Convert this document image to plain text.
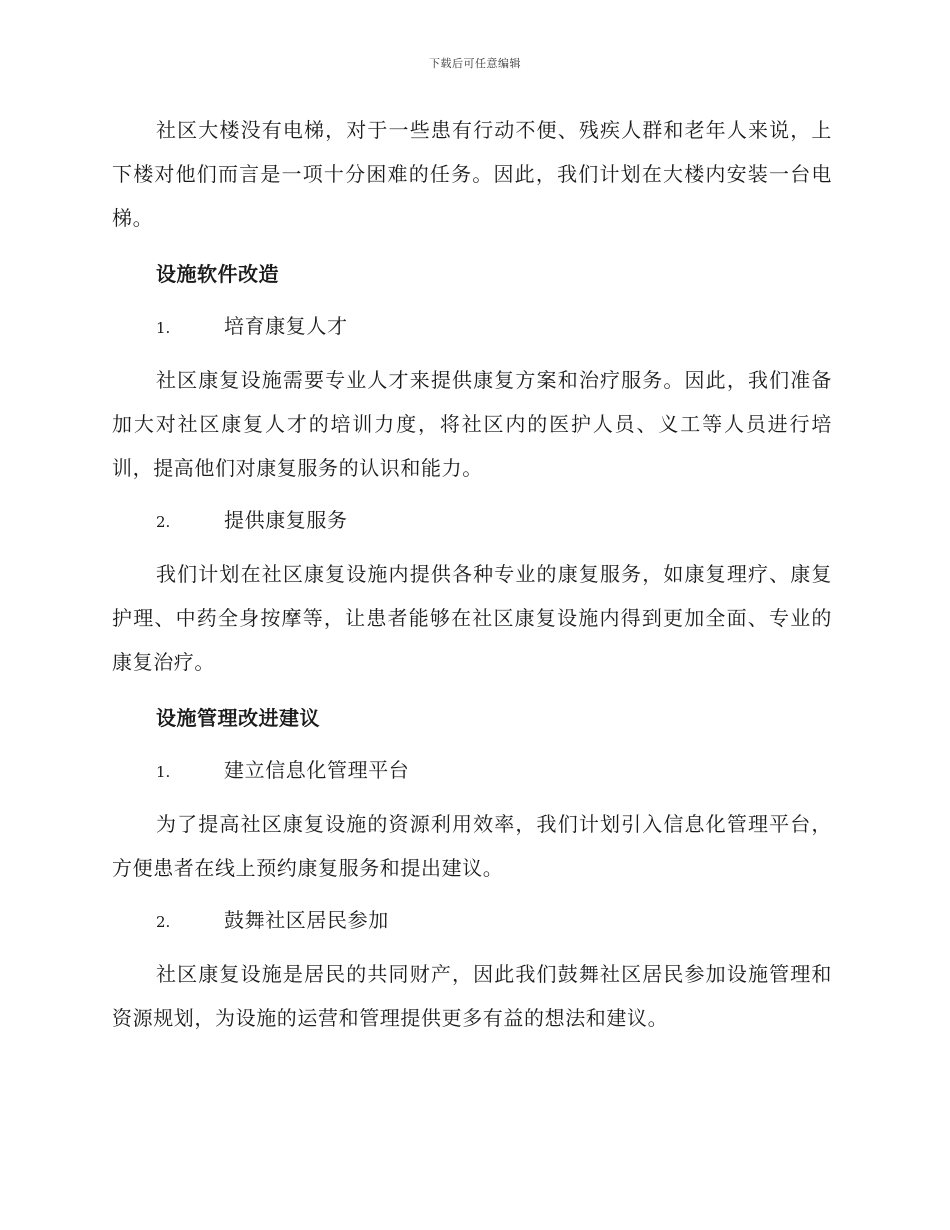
下载后可任意编辑

社区大楼没有电梯，对于一些患有行动不便、残疾人群和老年人来说，上下楼对他们而言是一项十分困难的任务。因此，我们计划在大楼内安装一台电梯。

设施软件改造
1.	培育康复人才

社区康复设施需要专业人才来提供康复方案和治疗服务。因此，我们准备加大对社区康复人才的培训力度，将社区内的医护人员、义工等人员进行培训，提高他们对康复服务的认识和能力。

2.	提供康复服务

我们计划在社区康复设施内提供各种专业的康复服务，如康复理疗、康复护理、中药全身按摩等，让患者能够在社区康复设施内得到更加全面、专业的康复治疗。

设施管理改进建议
1.	建立信息化管理平台

为了提高社区康复设施的资源利用效率，我们计划引入信息化管理平台，方便患者在线上预约康复服务和提出建议。

2.	鼓舞社区居民参加

社区康复设施是居民的共同财产，因此我们鼓舞社区居民参加设施管理和资源规划，为设施的运营和管理提供更多有益的想法和建议。
